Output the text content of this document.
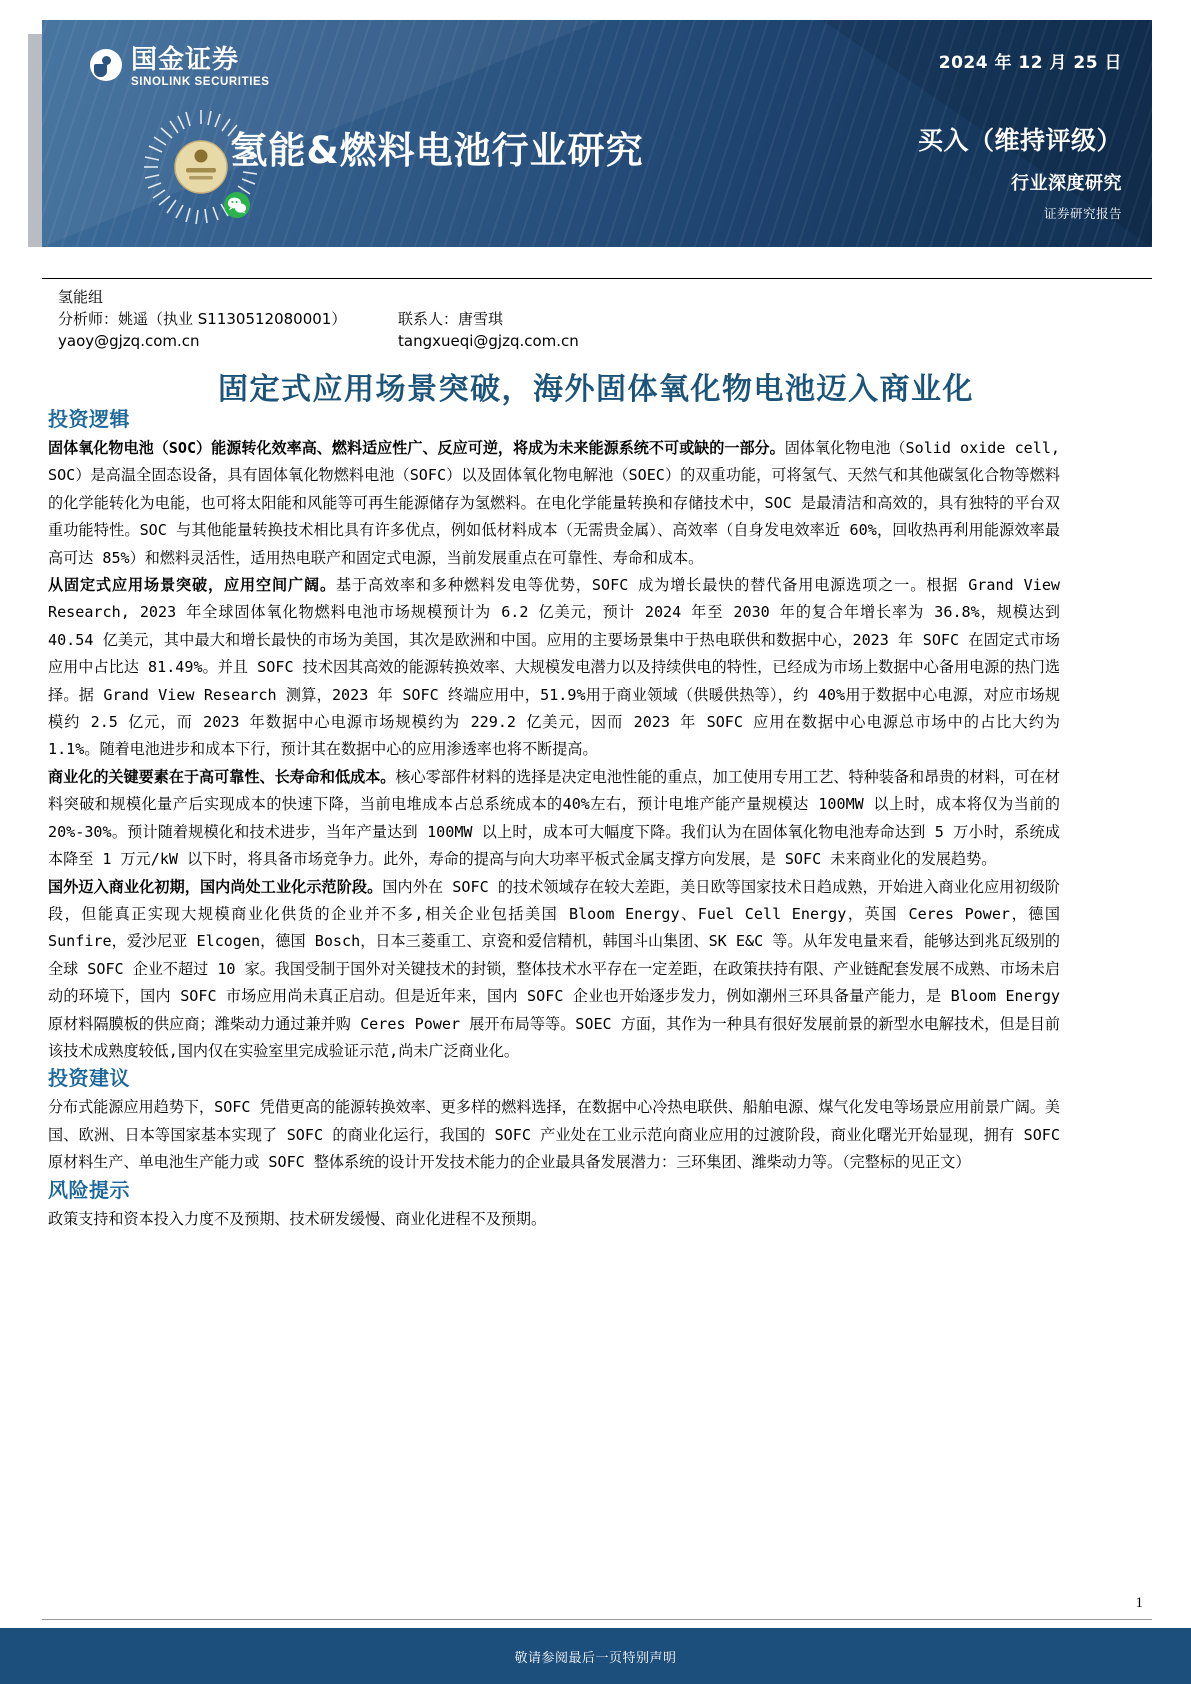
国金证券
SINOLINK SECURITIES
氢能&燃料电池行业研究
2024 年 12 月 25 日
买入（维持评级）
行业深度研究
证券研究报告
氢能组
分析师：姚遥（执业 S1130512080001）	联系人：唐雪琪
yaoy@gjzq.com.cn	tangxueqi@gjzq.com.cn
固定式应用场景突破，海外固体氧化物电池迈入商业化
投资逻辑

固体氧化物电池（SOC）能源转化效率高、燃料适应性广、反应可逆，将成为未来能源系统不可或缺的一部分。固体氧化物电池（Solid oxide cell, SOC）是高温全固态设备，具有固体氧化物燃料电池（SOFC）以及固体氧化物电解池（SOEC）的双重功能，可将氢气、天然气和其他碳氢化合物等燃料的化学能转化为电能，也可将太阳能和风能等可再生能源储存为氢燃料。在电化学能量转换和存储技术中，SOC 是最清洁和高效的，具有独特的平台双重功能特性。SOC 与其他能量转换技术相比具有许多优点，例如低材料成本（无需贵金属）、高效率（自身发电效率近 60%，回收热再利用能源效率最高可达 85%）和燃料灵活性，适用热电联产和固定式电源，当前发展重点在可靠性、寿命和成本。

从固定式应用场景突破，应用空间广阔。基于高效率和多种燃料发电等优势，SOFC 成为增长最快的替代备用电源选项之一。根据 Grand View Research, 2023 年全球固体氧化物燃料电池市场规模预计为 6.2 亿美元，预计 2024 年至 2030 年的复合年增长率为 36.8%，规模达到 40.54 亿美元，其中最大和增长最快的市场为美国，其次是欧洲和中国。应用的主要场景集中于热电联供和数据中心，2023 年 SOFC 在固定式市场应用中占比达 81.49%。并且 SOFC 技术因其高效的能源转换效率、大规模发电潜力以及持续供电的特性，已经成为市场上数据中心备用电源的热门选择。据 Grand View Research 测算，2023 年 SOFC 终端应用中，51.9%用于商业领域（供暖供热等），约 40%用于数据中心电源，对应市场规模约 2.5 亿元，而 2023 年数据中心电源市场规模约为 229.2 亿美元，因而 2023 年 SOFC 应用在数据中心电源总市场中的占比大约为 1.1%。随着电池进步和成本下行，预计其在数据中心的应用渗透率也将不断提高。

商业化的关键要素在于高可靠性、长寿命和低成本。核心零部件材料的选择是决定电池性能的重点，加工使用专用工艺、特种装备和昂贵的材料，可在材料突破和规模化量产后实现成本的快速下降，当前电堆成本占总系统成本的40%左右，预计电堆产能产量规模达 100MW 以上时，成本将仅为当前的 20%-30%。预计随着规模化和技术进步，当年产量达到 100MW 以上时，成本可大幅度下降。我们认为在固体氧化物电池寿命达到 5 万小时，系统成本降至 1 万元/kW 以下时，将具备市场竞争力。此外，寿命的提高与向大功率平板式金属支撑方向发展，是 SOFC 未来商业化的发展趋势。

国外迈入商业化初期，国内尚处工业化示范阶段。国内外在 SOFC 的技术领域存在较大差距，美日欧等国家技术日趋成熟，开始进入商业化应用初级阶段，但能真正实现大规模商业化供货的企业并不多,相关企业包括美国 Bloom Energy、Fuel Cell Energy，英国 Ceres Power，德国 Sunfire，爱沙尼亚 Elcogen，德国 Bosch，日本三菱重工、京瓷和爱信精机，韩国斗山集团、SK E&C 等。从年发电量来看，能够达到兆瓦级别的全球 SOFC 企业不超过 10 家。我国受制于国外对关键技术的封锁，整体技术水平存在一定差距，在政策扶持有限、产业链配套发展不成熟、市场未启动的环境下，国内 SOFC 市场应用尚未真正启动。但是近年来，国内 SOFC 企业也开始逐步发力，例如潮州三环具备量产能力，是 Bloom Energy 原材料隔膜板的供应商；潍柴动力通过兼并购 Ceres Power 展开布局等等。SOEC 方面，其作为一种具有很好发展前景的新型水电解技术，但是目前该技术成熟度较低,国内仅在实验室里完成验证示范,尚未广泛商业化。

投资建议

分布式能源应用趋势下，SOFC 凭借更高的能源转换效率、更多样的燃料选择，在数据中心冷热电联供、船舶电源、煤气化发电等场景应用前景广阔。美国、欧洲、日本等国家基本实现了 SOFC 的商业化运行，我国的 SOFC 产业处在工业示范向商业应用的过渡阶段，商业化曙光开始显现，拥有 SOFC 原材料生产、单电池生产能力或 SOFC 整体系统的设计开发技术能力的企业最具备发展潜力：三环集团、潍柴动力等。（完整标的见正文）

风险提示

政策支持和资本投入力度不及预期、技术研发缓慢、商业化进程不及预期。

1
敬请参阅最后一页特别声明
